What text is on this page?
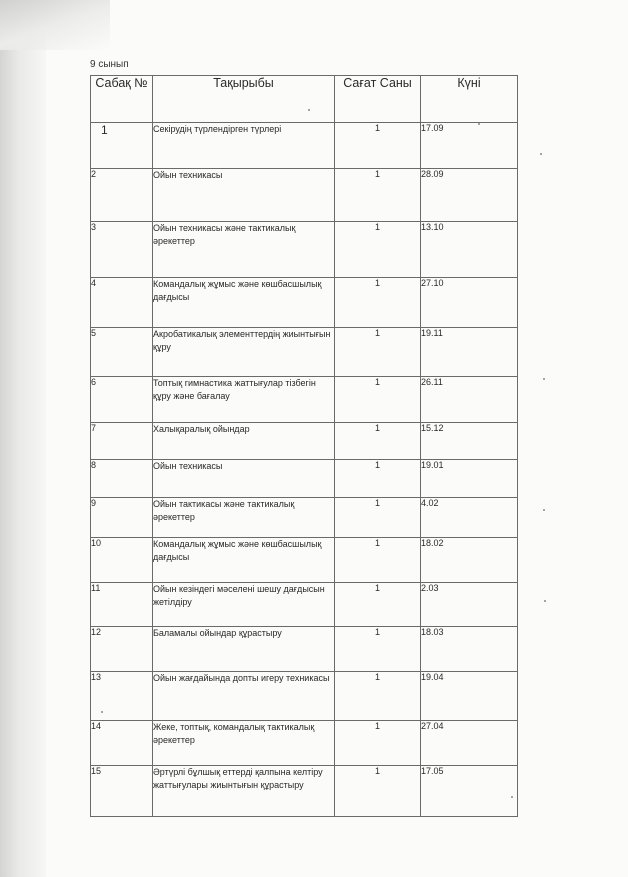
9 сынып
Сабақ №	Тақырыбы	Сағат Саны	Күні
1	Секірудің түрлендірген түрлері	1	17.09
2	Ойын техникасы	1	28.09
3	Ойын техникасы және тактикалық әрекеттер	1	13.10
4	Командалық жұмыс және көшбасшылық дағдысы	1	27.10
5	Акробатикалық элементтердің жиынтығын құру	1	19.11
6	Топтық гимнастика жаттығулар тізбегін құру және бағалау	1	26.11
7	Халықаралық ойындар	1	15.12
8	Ойын техникасы	1	19.01
9	Ойын тактикасы және тактикалық әрекеттер	1	4.02
10	Командалық жұмыс және көшбасшылық дағдысы	1	18.02
11	Ойын кезіндегі мәселені шешу дағдысын жетілдіру	1	2.03
12	Баламалы ойындар құрастыру	1	18.03
13	Ойын жағдайында допты игеру техникасы	1	19.04
14	Жеке, топтық, командалық тактикалық әрекеттер	1	27.04
15	Әртүрлі бұлшық еттерді қалпына келтіру жаттығулары жиынтығын құрастыру	1	17.05
